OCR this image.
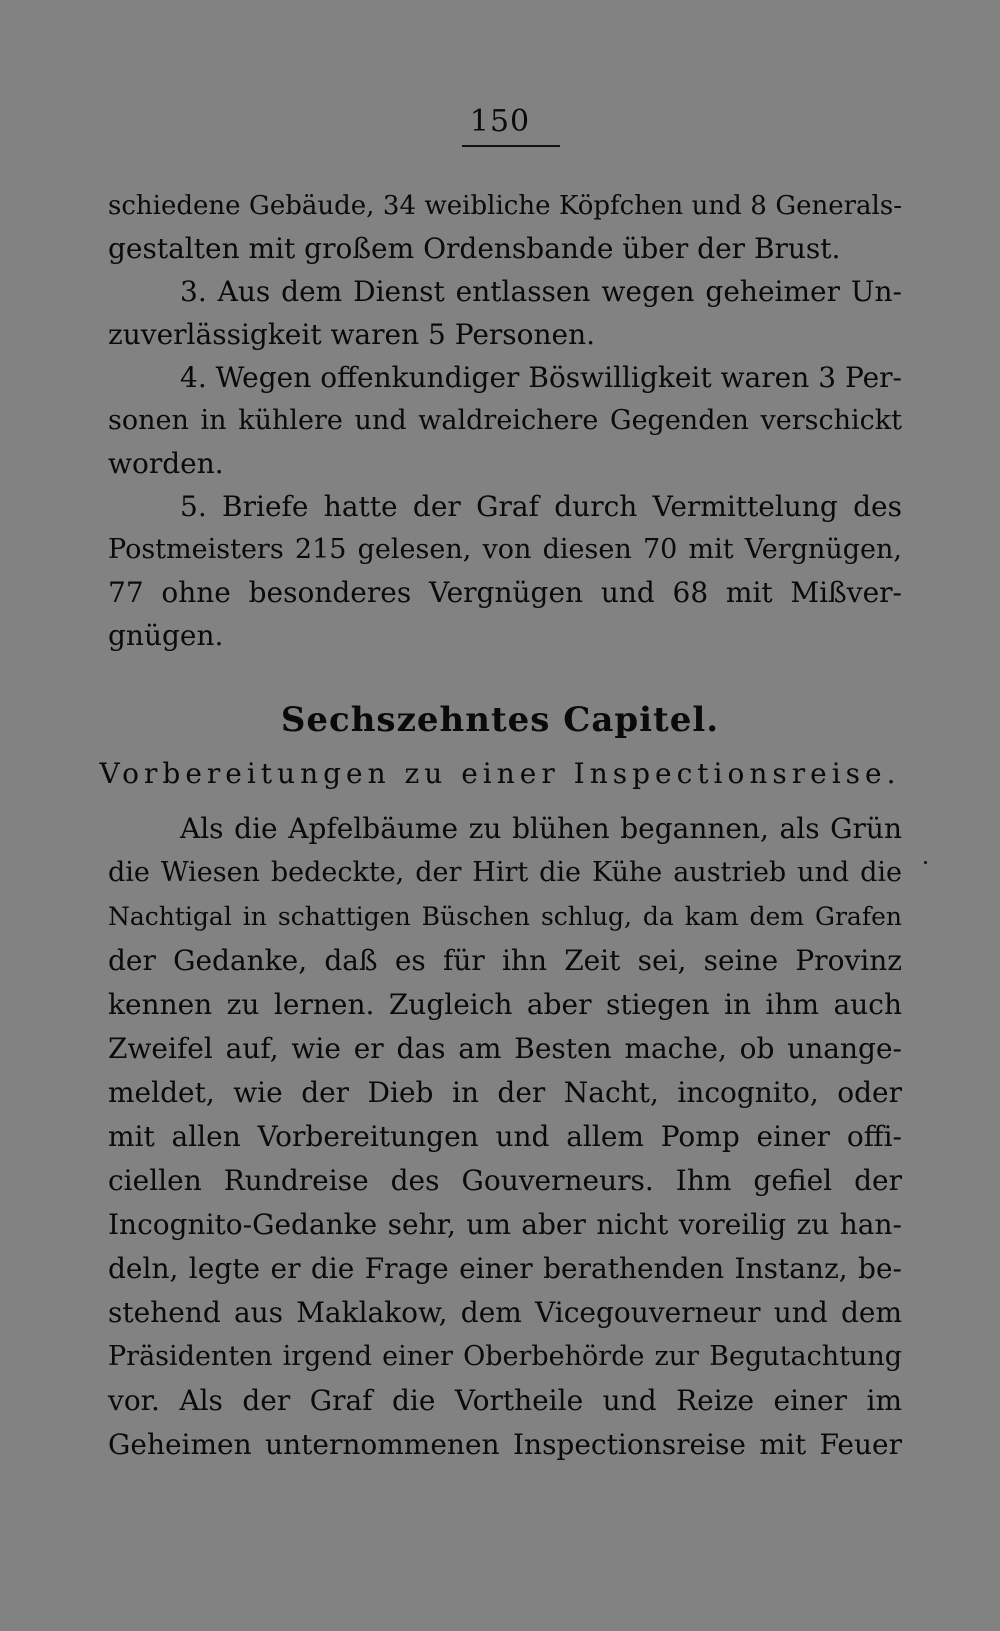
150
schiedene Gebäude, 34 weibliche Köpfchen und 8 Generals-
gestalten mit großem Ordensbande über der Brust.
3. Aus dem Dienst entlassen wegen geheimer Un-
zuverlässigkeit waren 5 Personen.
4. Wegen offenkundiger Böswilligkeit waren 3 Per-
sonen in kühlere und waldreichere Gegenden verschickt
worden.
5. Briefe hatte der Graf durch Vermittelung des
Postmeisters 215 gelesen, von diesen 70 mit Vergnügen,
77 ohne besonderes Vergnügen und 68 mit Mißver-
gnügen.
Sechszehntes Capitel.
Vorbereitungen zu einer Inspectionsreise.
Als die Apfelbäume zu blühen begannen, als Grün
die Wiesen bedeckte, der Hirt die Kühe austrieb und die
Nachtigal in schattigen Büschen schlug, da kam dem Grafen
der Gedanke, daß es für ihn Zeit sei, seine Provinz
kennen zu lernen. Zugleich aber stiegen in ihm auch
Zweifel auf, wie er das am Besten mache, ob unange-
meldet, wie der Dieb in der Nacht, incognito, oder
mit allen Vorbereitungen und allem Pomp einer offi-
ciellen Rundreise des Gouverneurs. Ihm gefiel der
Incognito-Gedanke sehr, um aber nicht voreilig zu han-
deln, legte er die Frage einer berathenden Instanz, be-
stehend aus Maklakow, dem Vicegouverneur und dem
Präsidenten irgend einer Oberbehörde zur Begutachtung
vor. Als der Graf die Vortheile und Reize einer im
Geheimen unternommenen Inspectionsreise mit Feuer
